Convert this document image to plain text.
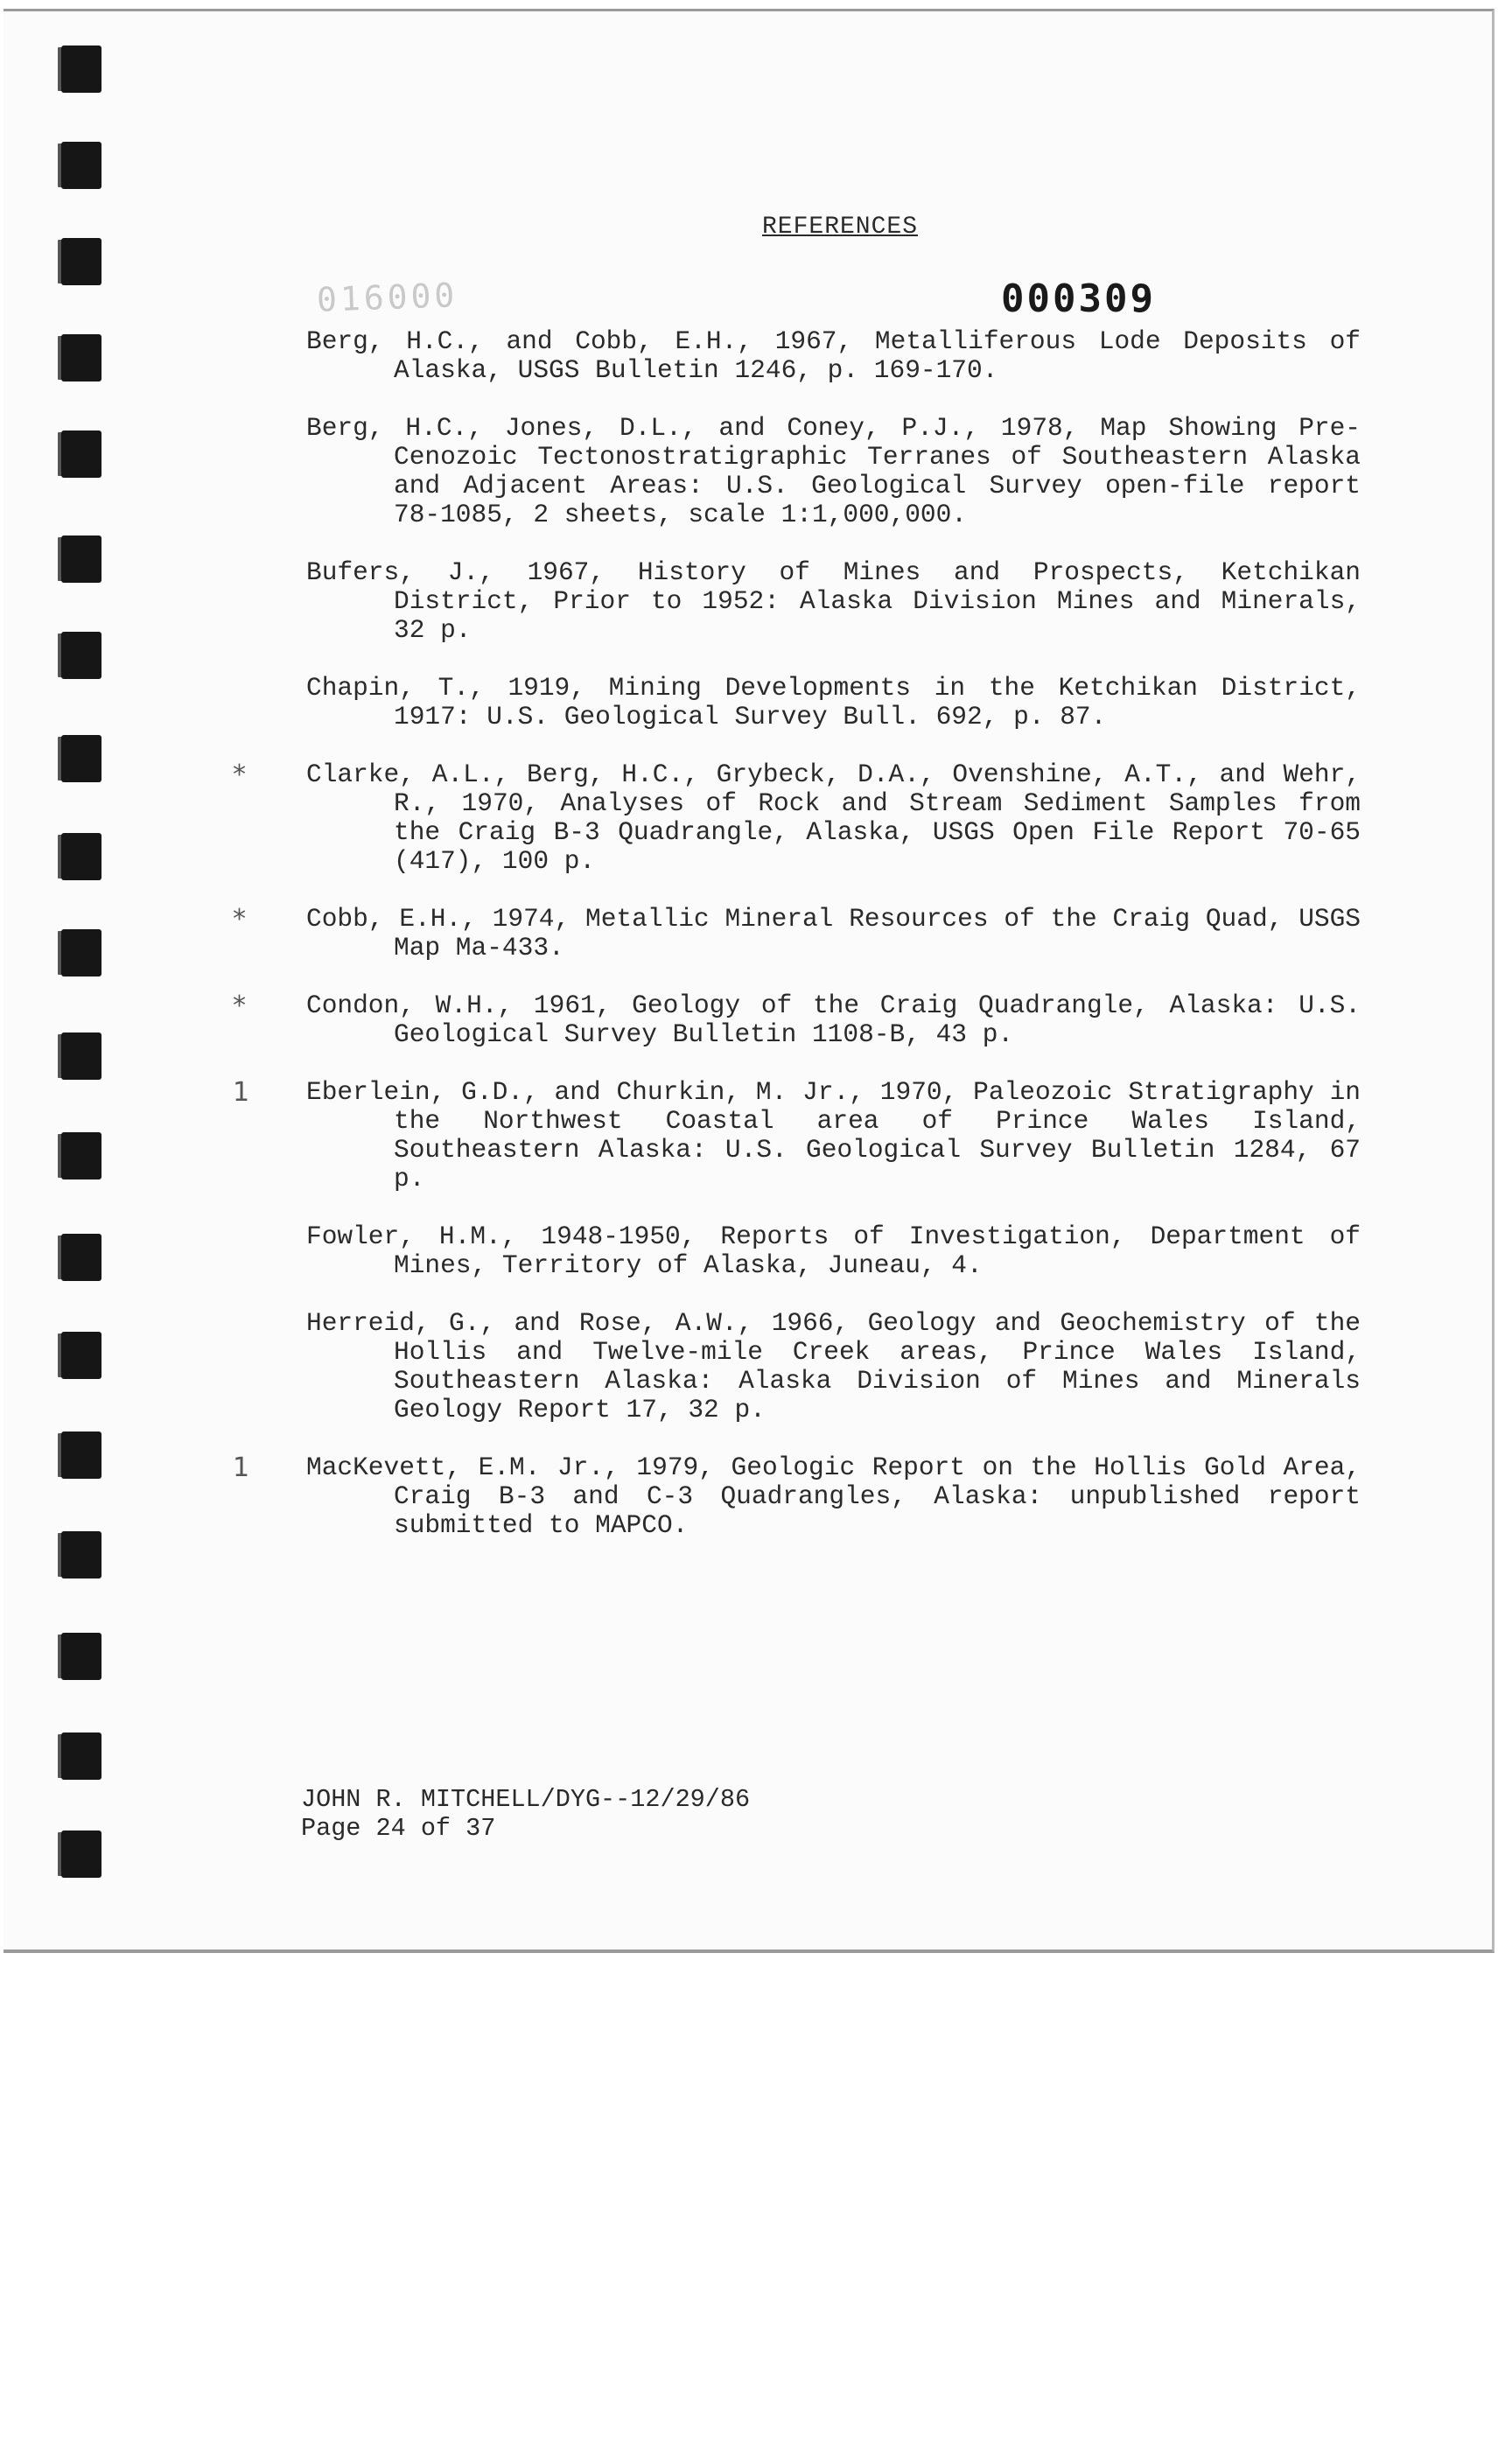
REFERENCES
016000	000309
Berg, H.C., and Cobb, E.H., 1967, Metalliferous Lode Deposits of Alaska, USGS Bulletin 1246, p. 169-170.
Berg, H.C., Jones, D.L., and Coney, P.J., 1978, Map Showing Pre-Cenozoic Tectonostratigraphic Terranes of Southeastern Alaska and Adjacent Areas: U.S. Geological Survey open-file report 78-1085, 2 sheets, scale 1:1,000,000.
Bufers, J., 1967, History of Mines and Prospects, Ketchikan District, Prior to 1952: Alaska Division Mines and Minerals, 32 p.
Chapin, T., 1919, Mining Developments in the Ketchikan District, 1917: U.S. Geological Survey Bull. 692, p. 87.
* Clarke, A.L., Berg, H.C., Grybeck, D.A., Ovenshine, A.T., and Wehr, R., 1970, Analyses of Rock and Stream Sediment Samples from the Craig B-3 Quadrangle, Alaska, USGS Open File Report 70-65 (417), 100 p.
* Cobb, E.H., 1974, Metallic Mineral Resources of the Craig Quad, USGS Map Ma-433.
* Condon, W.H., 1961, Geology of the Craig Quadrangle, Alaska: U.S. Geological Survey Bulletin 1108-B, 43 p.
1 Eberlein, G.D., and Churkin, M. Jr., 1970, Paleozoic Stratigraphy in the Northwest Coastal area of Prince Wales Island, Southeastern Alaska: U.S. Geological Survey Bulletin 1284, 67 p.
Fowler, H.M., 1948-1950, Reports of Investigation, Department of Mines, Territory of Alaska, Juneau, 4.
Herreid, G., and Rose, A.W., 1966, Geology and Geochemistry of the Hollis and Twelve-mile Creek areas, Prince Wales Island, Southeastern Alaska: Alaska Division of Mines and Minerals Geology Report 17, 32 p.
1 MacKevett, E.M. Jr., 1979, Geologic Report on the Hollis Gold Area, Craig B-3 and C-3 Quadrangles, Alaska: unpublished report submitted to MAPCO.
JOHN R. MITCHELL/DYG--12/29/86
Page 24 of 37
